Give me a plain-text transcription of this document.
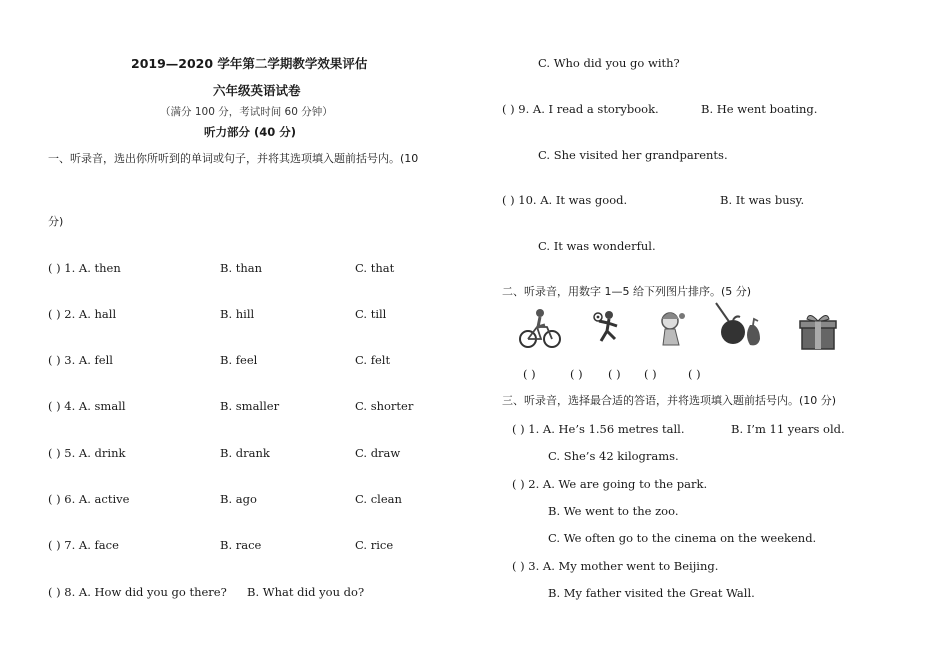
2019—2020 学年第二学期教学效果评估
六年级英语试卷
（满分 100 分，考试时间 60 分钟）
听力部分 (40 分)
一、听录音，选出你所听到的单词或句子，并将其选项填入题前括号内。(10
分)
( ) 1. A. then	B. than	C. that
( ) 2. A. hall	B. hill	C. till
( ) 3. A. fell	B. feel	C. felt
( ) 4. A. small	B. smaller	C. shorter
( ) 5. A. drink	B. drank	C. draw
( ) 6. A. active	B. ago	C. clean
( ) 7. A. face	B. race	C. rice
( ) 8. A. How did you go there? B. What did you do?
C. Who did you go with?
( ) 9. A. I read a storybook.	B. He went boating.
C. She visited her grandparents.
( ) 10. A. It was good.	B. It was busy.
C. It was wonderful.
二、听录音，用数字 1—5 给下列图片排序。(5 分)
( )	( ) ( ) ( )	( )
三、听录音，选择最合适的答语，并将选项填入题前括号内。(10 分)
( ) 1. A. He’s 1.56 metres tall.	B. I’m 11 years old.
C. She’s 42 kilograms.
( ) 2. A. We are going to the park.
B. We went to the zoo.
C. We often go to the cinema on the weekend.
( ) 3. A. My mother went to Beijing.
B. My father visited the Great Wall.
